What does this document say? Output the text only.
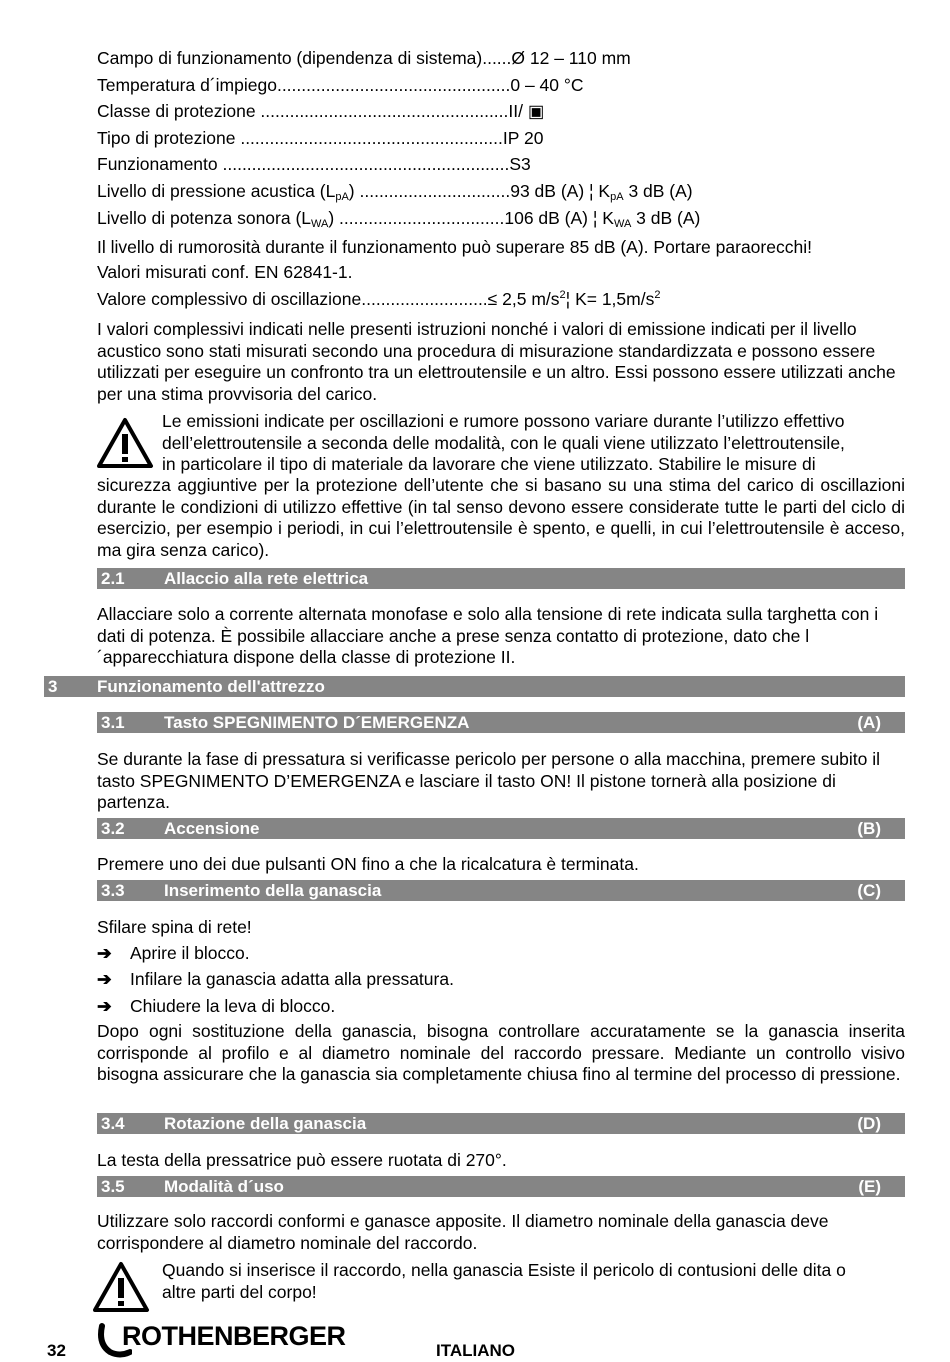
Campo di funzionamento (dipendenza di sistema)......Ø 12 – 110 mm
Temperatura d´impiego................................................0 – 40 °C
Classe di protezione ...................................................II/ ▣
Tipo di protezione ......................................................IP 20
Funzionamento ...........................................................S3
Livello di pressione acustica $(L_{pA})$ ...............................93 dB (A) ¦ $K_{pA}$ 3 dB (A)
Livello di potenza sonora $(L_{WA})$ ..................................106 dB (A) ¦ $K_{WA}$ 3 dB (A)
Il livello di rumorosità durante il funzionamento può superare 85 dB (A). Portare paraorecchi!
Valori misurati conf. EN 62841-1.
Valore complessivo di oscillazione..........................≤ 2,5 $m/s^2¦$ $K= 1,5m/s^2$
I valori complessivi indicati nelle presenti istruzioni nonché i valori di emissione indicati per il livello acustico sono stati misurati secondo una procedura di misurazione standardizzata e possono essere utilizzati per eseguire un confronto tra un elettroutensile e un altro. Essi possono essere utilizzati anche per una stima provvisoria del carico.
Le emissioni indicate per oscillazioni e rumore possono variare durante l’utilizzo effettivo
dell’elettroutensile a seconda delle modalità, con le quali viene utilizzato l’elettroutensile,
in particolare il tipo di materiale da lavorare che viene utilizzato. Stabilire le misure di
sicurezza aggiuntive per la protezione dell’utente che si basano su una stima del carico di oscillazioni durante le condizioni di utilizzo effettive (in tal senso devono essere considerate tutte le parti del ciclo di esercizio, per esempio i periodi, in cui l’elettroutensile è spento, e quelli, in cui l’elettroutensile è acceso, ma gira senza carico).
2.1 Allaccio alla rete elettrica
Allacciare solo a corrente alternata monofase e solo alla tensione di rete indicata sulla targhetta con i dati di potenza. È possibile allacciare anche a prese senza contatto di protezione, dato che l´apparecchiatura dispone della classe di protezione II.
3 Funzionamento dell'attrezzo
3.1 Tasto SPEGNIMENTO D´EMERGENZA	(A)
Se durante la fase di pressatura si verificasse pericolo per persone o alla macchina, premere subito il tasto SPEGNIMENTO D’EMERGENZA e lasciare il tasto ON! Il pistone tornerà alla posizione di partenza.
3.2 Accensione	(B)
Premere uno dei due pulsanti ON fino a che la ricalcatura è terminata.
3.3 Inserimento della ganascia	(C)
Sfilare spina di rete!
➔ Aprire il blocco.
➔ Infilare la ganascia adatta alla pressatura.
➔ Chiudere la leva di blocco.
Dopo ogni sostituzione della ganascia, bisogna controllare accuratamente se la ganascia inserita corrisponde al profilo e al diametro nominale del raccordo pressare. Mediante un controllo visivo bisogna assicurare che la ganascia sia completamente chiusa fino al termine del processo di pressione.
3.4 Rotazione della ganascia	(D)
La testa della pressatrice può essere ruotata di 270°.
3.5 Modalità d´uso	(E)
Utilizzare solo raccordi conformi e ganasce apposite. Il diametro nominale della ganascia deve corrispondere al diametro nominale del raccordo.
Quando si inserisce il raccordo, nella ganascia Esiste il pericolo di contusioni delle dita o
altre parti del corpo!
32 ROTHENBERGER	ITALIANO
